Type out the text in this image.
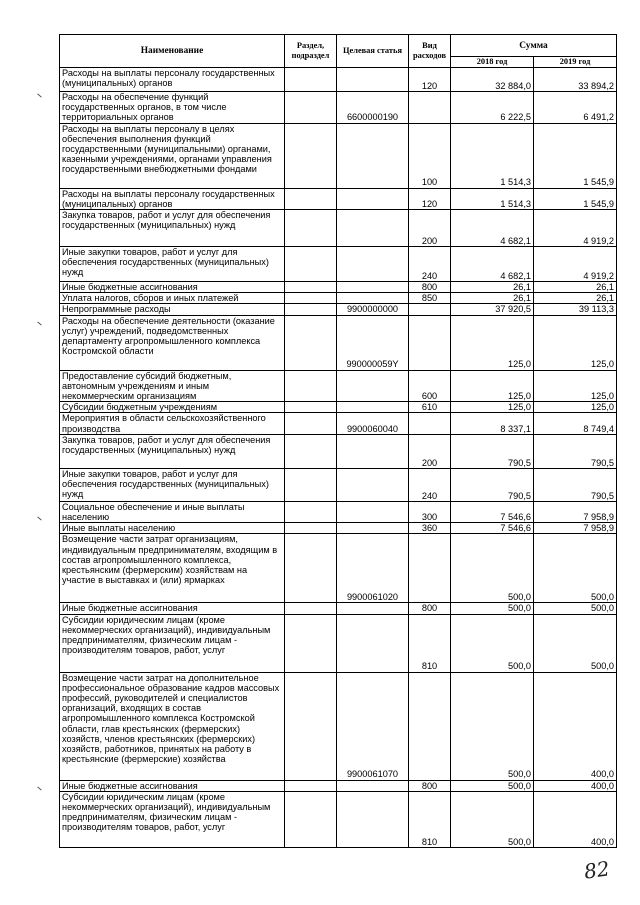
Наименование	Раздел, подраздел	Целевая статья	Вид расходов	Сумма	
				2018 год	2019 год
Расходы на выплаты персоналу государственных (муниципальных) органов			120	32 884,0	33 894,2
Расходы на обеспечение функций государственных органов, в том числе территориальных органов		6600000190		6 222,5	6 491,2
Расходы на выплаты персоналу в целях обеспечения выполнения функций государственными (муниципальными) органами, казенными учреждениями, органами управления государственными внебюджетными фондами			100	1 514,3	1 545,9
Расходы на выплаты персоналу государственных (муниципальных) органов			120	1 514,3	1 545,9
Закупка товаров, работ и услуг для обеспечения государственных (муниципальных) нужд			200	4 682,1	4 919,2
Иные закупки товаров, работ и услуг для обеспечения государственных (муниципальных) нужд			240	4 682,1	4 919,2
Иные бюджетные ассигнования			800	26,1	26,1
Уплата налогов, сборов и иных платежей			850	26,1	26,1
Непрограммные расходы		9900000000		37 920,5	39 113,3
Расходы на обеспечение деятельности (оказание услуг) учреждений, подведомственных департаменту агропромышленного комплекса Костромской области		990000059Y		125,0	125,0
Предоставление субсидий бюджетным, автономным учреждениям и иным некоммерческим организациям			600	125,0	125,0
Субсидии бюджетным учреждениям			610	125,0	125,0
Мероприятия в области сельскохозяйственного производства		9900060040		8 337,1	8 749,4
Закупка товаров, работ и услуг для обеспечения государственных (муниципальных) нужд			200	790,5	790,5
Иные закупки товаров, работ и услуг для обеспечения государственных (муниципальных) нужд			240	790,5	790,5
Социальное обеспечение и иные выплаты населению			300	7 546,6	7 958,9
Иные выплаты населению			360	7 546,6	7 958,9
Возмещение части затрат организациям, индивидуальным предпринимателям, входящим в состав агропромышленного комплекса, крестьянским (фермерским) хозяйствам на участие в выставках и (или) ярмарках		9900061020		500,0	500,0
Иные бюджетные ассигнования			800	500,0	500,0
Субсидии юридическим лицам (кроме некоммерческих организаций), индивидуальным предпринимателям, физическим лицам - производителям товаров, работ, услуг			810	500,0	500,0
Возмещение части затрат на дополнительное профессиональное образование кадров массовых профессий, руководителей и специалистов организаций, входящих в состав агропромышленного комплекса Костромской области, глав крестьянских (фермерских) хозяйств, членов крестьянских (фермерских) хозяйств, работников, принятых на работу в крестьянские (фермерские) хозяйства		9900061070		500,0	400,0
Иные бюджетные ассигнования			800	500,0	400,0
Субсидии юридическим лицам (кроме некоммерческих организаций), индивидуальным предпринимателям, физическим лицам - производителям товаров, работ, услуг			810	500,0	400,0
82
